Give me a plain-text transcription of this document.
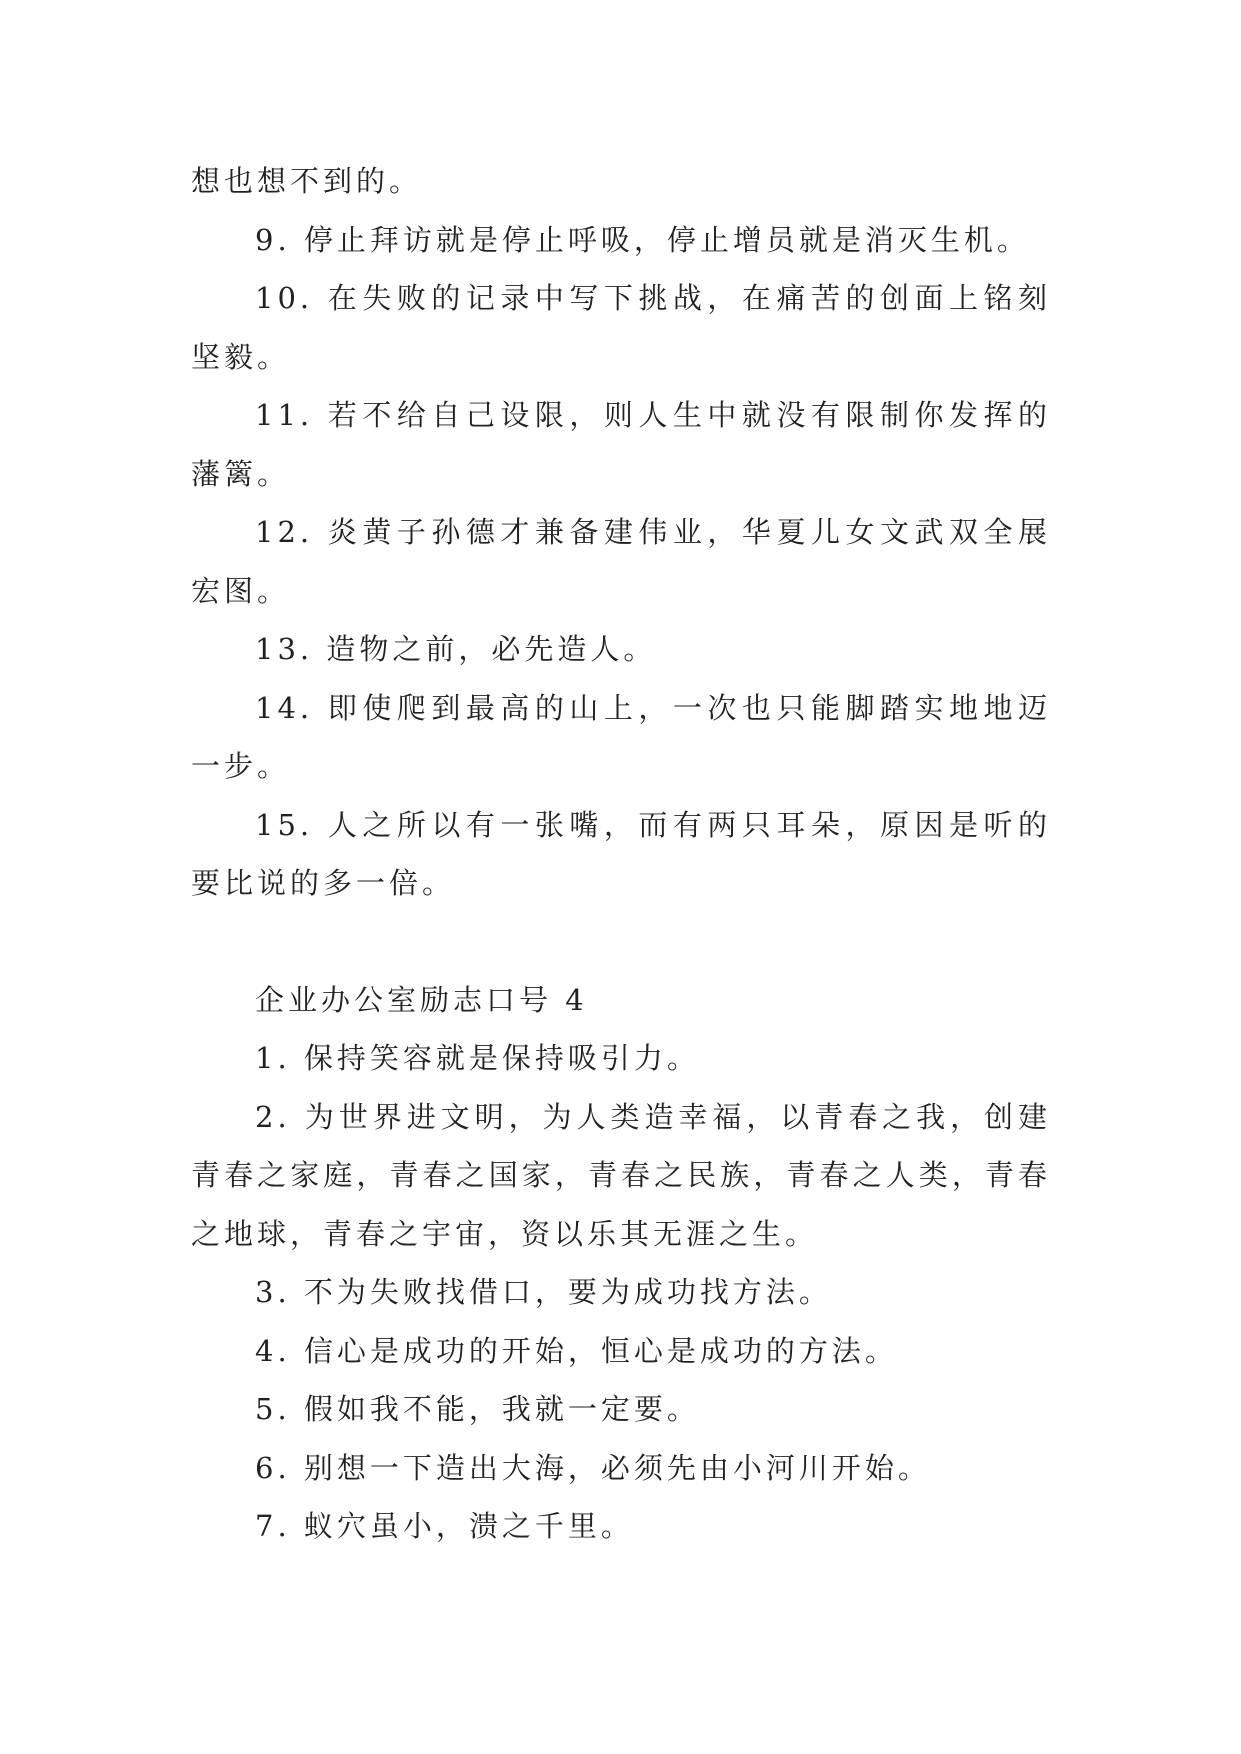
想也想不到的。

9. 停止拜访就是停止呼吸，停止增员就是消灭生机。

10. 在失败的记录中写下挑战，在痛苦的创面上铭刻坚毅。

11. 若不给自己设限，则人生中就没有限制你发挥的藩篱。

12. 炎黄子孙德才兼备建伟业，华夏儿女文武双全展宏图。

13. 造物之前，必先造人。

14. 即使爬到最高的山上，一次也只能脚踏实地地迈一步。

15. 人之所以有一张嘴，而有两只耳朵，原因是听的要比说的多一倍。

企业办公室励志口号 4

1. 保持笑容就是保持吸引力。

2. 为世界进文明，为人类造幸福，以青春之我，创建青春之家庭，青春之国家，青春之民族，青春之人类，青春之地球，青春之宇宙，资以乐其无涯之生。

3. 不为失败找借口，要为成功找方法。

4. 信心是成功的开始，恒心是成功的方法。

5. 假如我不能，我就一定要。

6. 别想一下造出大海，必须先由小河川开始。

7. 蚁穴虽小，溃之千里。
